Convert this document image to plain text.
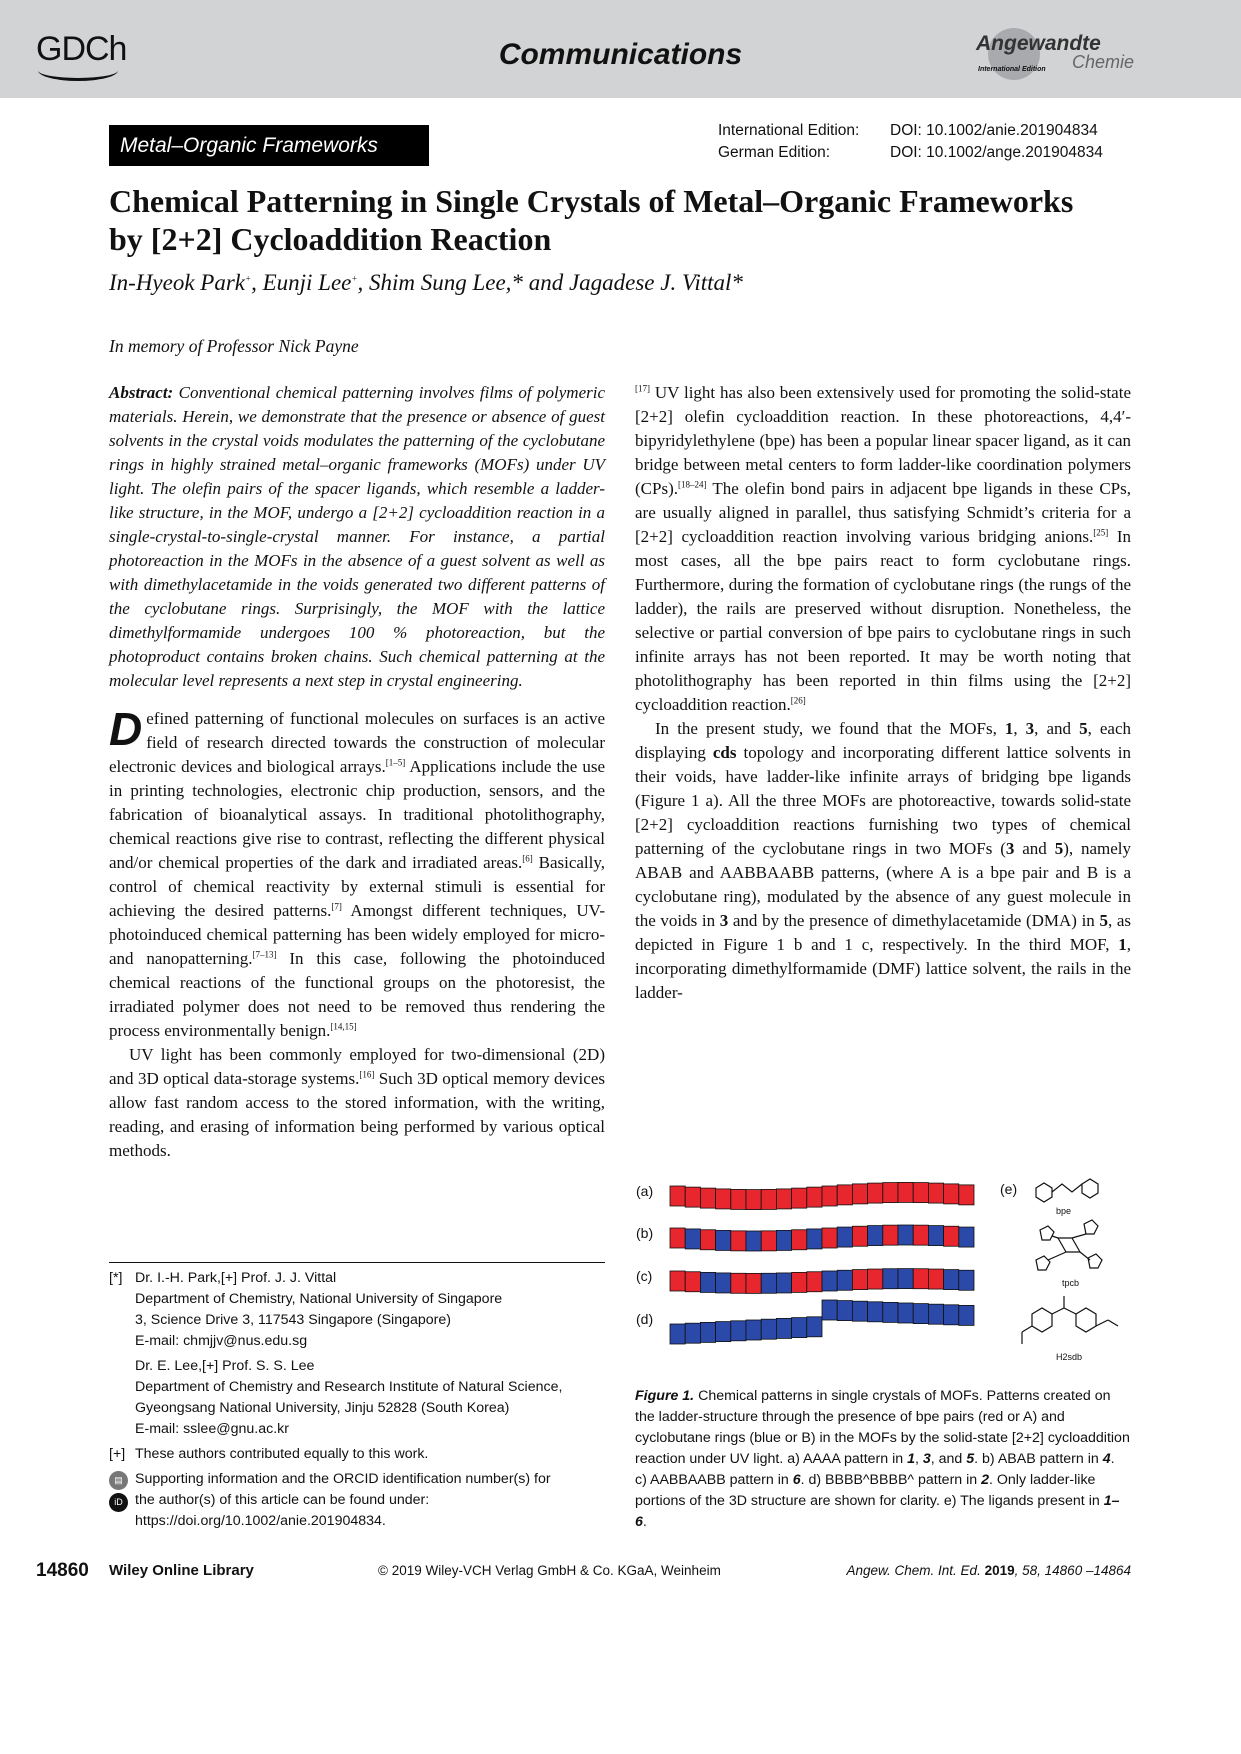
GDCh	Communications	Angewandte
Chemie
International Edition
Metal–Organic Frameworks
International Edition: DOI: 10.1002/anie.201904834
German Edition:	DOI: 10.1002/ange.201904834
Chemical Patterning in Single Crystals of Metal–Organic Frameworks
by [2+2] Cycloaddition Reaction
In-Hyeok Park+, Eunji Lee+, Shim Sung Lee,* and Jagadese J. Vittal*
In memory of Professor Nick Payne

Abstract: Conventional chemical patterning involves films of polymeric materials. Herein, we demonstrate that the presence or absence of guest solvents in the crystal voids modulates the patterning of the cyclobutane rings in highly strained metal–organic frameworks (MOFs) under UV light. The olefin pairs of the spacer ligands, which resemble a ladder-like structure, in the MOF, undergo a [2+2] cycloaddition reaction in a single-crystal-to-single-crystal manner. For instance, a partial photoreaction in the MOFs in the absence of a guest solvent as well as with dimethylacetamide in the voids generated two different patterns of the cyclobutane rings. Surprisingly, the MOF with the lattice dimethylformamide undergoes 100 % photoreaction, but the photoproduct contains broken chains. Such chemical patterning at the molecular level represents a next step in crystal engineering.

Defined patterning of functional molecules on surfaces is an active field of research directed towards the construction of molecular electronic devices and biological arrays.[1–5] Applications include the use in printing technologies, electronic chip production, sensors, and the fabrication of bioanalytical assays. In traditional photolithography, chemical reactions give rise to contrast, reflecting the different physical and/or chemical properties of the dark and irradiated areas.[6] Basically, control of chemical reactivity by external stimuli is essential for achieving the desired patterns.[7] Amongst different techniques, UV-photoinduced chemical patterning has been widely employed for micro- and nanopatterning.[7–13] In this case, following the photoinduced chemical reactions of the functional groups on the photoresist, the irradiated polymer does not need to be removed thus rendering the process environmentally benign.[14,15]

UV light has been commonly employed for two-dimensional (2D) and 3D optical data-storage systems.[16] Such 3D optical memory devices allow fast random access to the stored information, with the writing, reading, and erasing of information being performed by various optical methods.

[17] UV light has also been extensively used for promoting the solid-state [2+2] olefin cycloaddition reaction. In these photoreactions, 4,4′-bipyridylethylene (bpe) has been a popular linear spacer ligand, as it can bridge between metal centers to form ladder-like coordination polymers (CPs).[18–24] The olefin bond pairs in adjacent bpe ligands in these CPs, are usually aligned in parallel, thus satisfying Schmidt’s criteria for a [2+2] cycloaddition reaction involving various bridging anions.[25] In most cases, all the bpe pairs react to form cyclobutane rings. Furthermore, during the formation of cyclobutane rings (the rungs of the ladder), the rails are preserved without disruption. Nonetheless, the selective or partial conversion of bpe pairs to cyclobutane rings in such infinite arrays has not been reported. It may be worth noting that photolithography has been reported in thin films using the [2+2] cycloaddition reaction.[26]

In the present study, we found that the MOFs, 1, 3, and 5, each displaying cds topology and incorporating different lattice solvents in their voids, have ladder-like infinite arrays of bridging bpe ligands (Figure 1 a). All the three MOFs are photoreactive, towards solid-state [2+2] cycloaddition reactions furnishing two types of chemical patterning of the cyclobutane rings in two MOFs (3 and 5), namely ABAB and AABBAABB patterns, (where A is a bpe pair and B is a cyclobutane ring), modulated by the absence of any guest molecule in the voids in 3 and by the presence of dimethylacetamide (DMA) in 5, as depicted in Figure 1 b and 1 c, respectively. In the third MOF, 1, incorporating dimethylformamide (DMF) lattice solvent, the rails in the ladder-

[*] Dr. I.-H. Park,[+] Prof. J. J. Vittal
Department of Chemistry, National University of Singapore
3, Science Drive 3, 117543 Singapore (Singapore)
E-mail: chmjjv@nus.edu.sg
Dr. E. Lee,[+] Prof. S. S. Lee
Department of Chemistry and Research Institute of Natural Science,
Gyeongsang National University, Jinju 52828 (South Korea)
E-mail: sslee@gnu.ac.kr
[+] These authors contributed equally to this work.
▤
iD
Supporting information and the ORCID identification number(s) for
the author(s) of this article can be found under:
https://doi.org/10.1002/anie.201904834.
(a)
(b)
(c)
(d)
(e)
bpe
tpcb
H2sdb
Figure 1. Chemical patterns in single crystals of MOFs. Patterns created on the ladder-structure through the presence of bpe pairs (red or A) and cyclobutane rings (blue or B) in the MOFs by the solid-state [2+2] cycloaddition reaction under UV light. a) AAAA pattern in 1, 3, and 5. b) ABAB pattern in 4. c) AABBAABB pattern in 6. d) BBBB^BBBB^ pattern in 2. Only ladder-like portions of the 3D structure are shown for clarity. e) The ligands present in 1–6.
14860 Wiley Online Library	© 2019 Wiley-VCH Verlag GmbH & Co. KGaA, Weinheim	Angew. Chem. Int. Ed. 2019, 58, 14860 –14864
